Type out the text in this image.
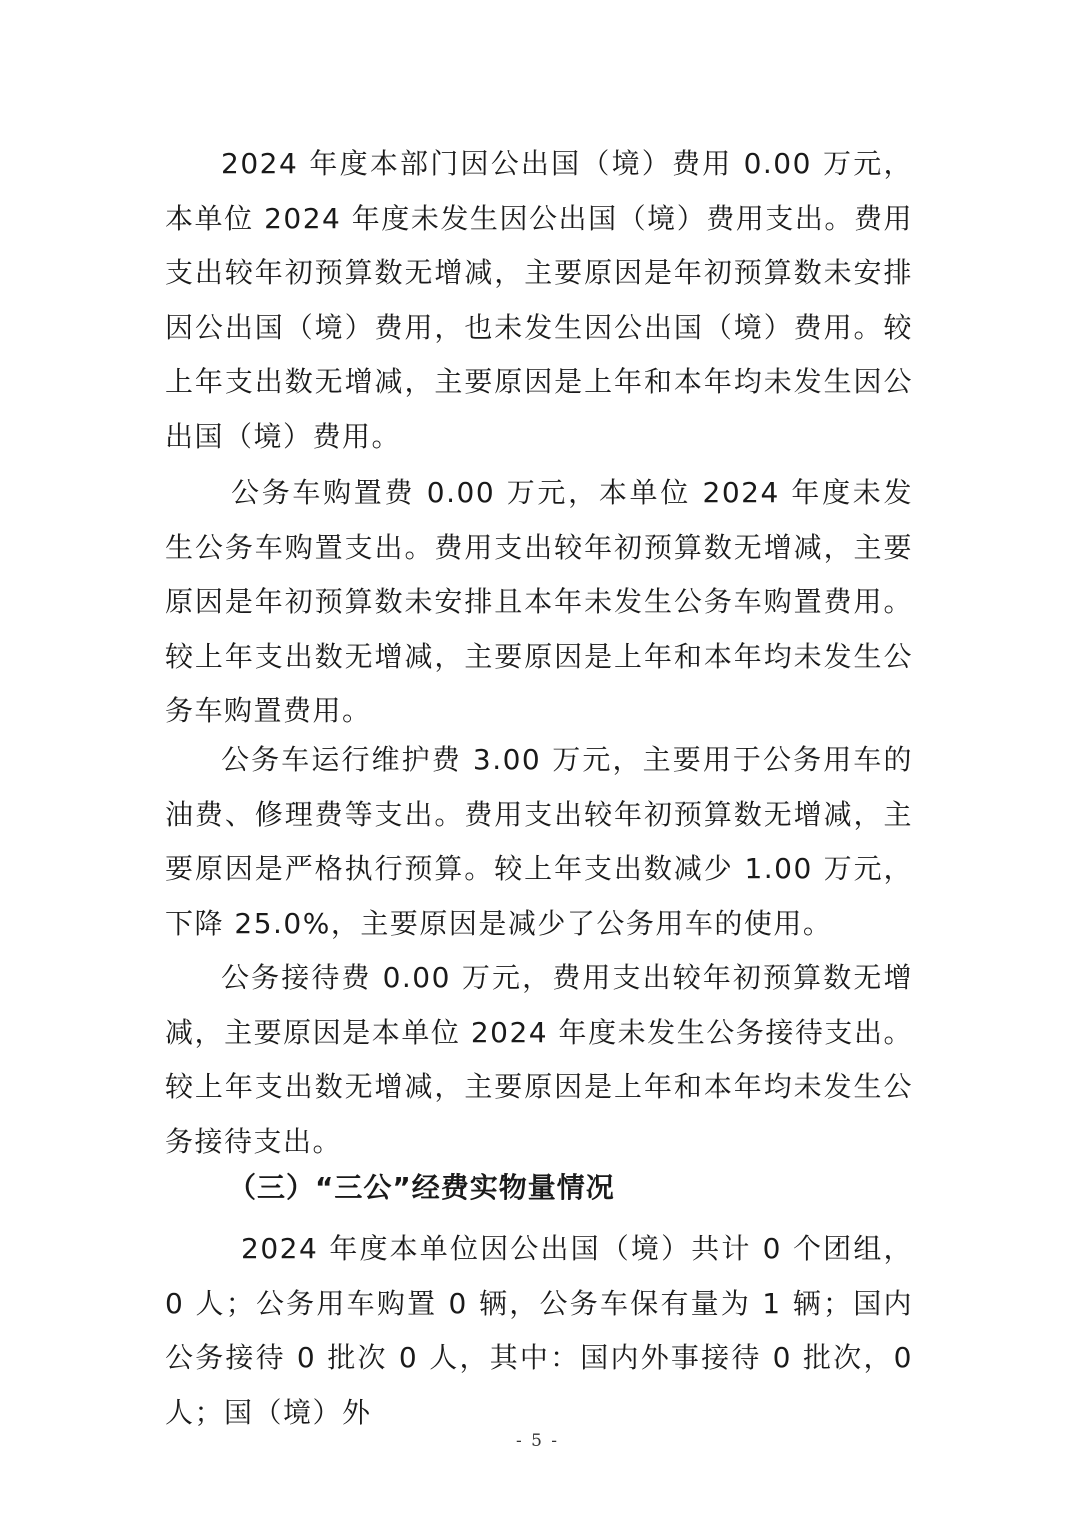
2024 年度本部门因公出国（境）费用 0.00 万元，本单位 2024 年度未发生因公出国（境）费用支出。费用支出较年初预算数无增减，主要原因是年初预算数未安排因公出国（境）费用，也未发生因公出国（境）费用。较上年支出数无增减，主要原因是上年和本年均未发生因公出国（境）费用。

公务车购置费 0.00 万元，本单位 2024 年度未发生公务车购置支出。费用支出较年初预算数无增减，主要原因是年初预算数未安排且本年未发生公务车购置费用。较上年支出数无增减，主要原因是上年和本年均未发生公务车购置费用。

公务车运行维护费 3.00 万元，主要用于公务用车的油费、修理费等支出。费用支出较年初预算数无增减，主要原因是严格执行预算。较上年支出数减少 1.00 万元，下降 25.0%，主要原因是减少了公务用车的使用。

公务接待费 0.00 万元，费用支出较年初预算数无增减，主要原因是本单位 2024 年度未发生公务接待支出。较上年支出数无增减，主要原因是上年和本年均未发生公务接待支出。

（三）“三公”经费实物量情况

2024 年度本单位因公出国（境）共计 0 个团组，0 人；公务用车购置 0 辆，公务车保有量为 1 辆；国内公务接待 0 批次 0 人，其中：国内外事接待 0 批次，0 人；国（境）外

- 5 -
